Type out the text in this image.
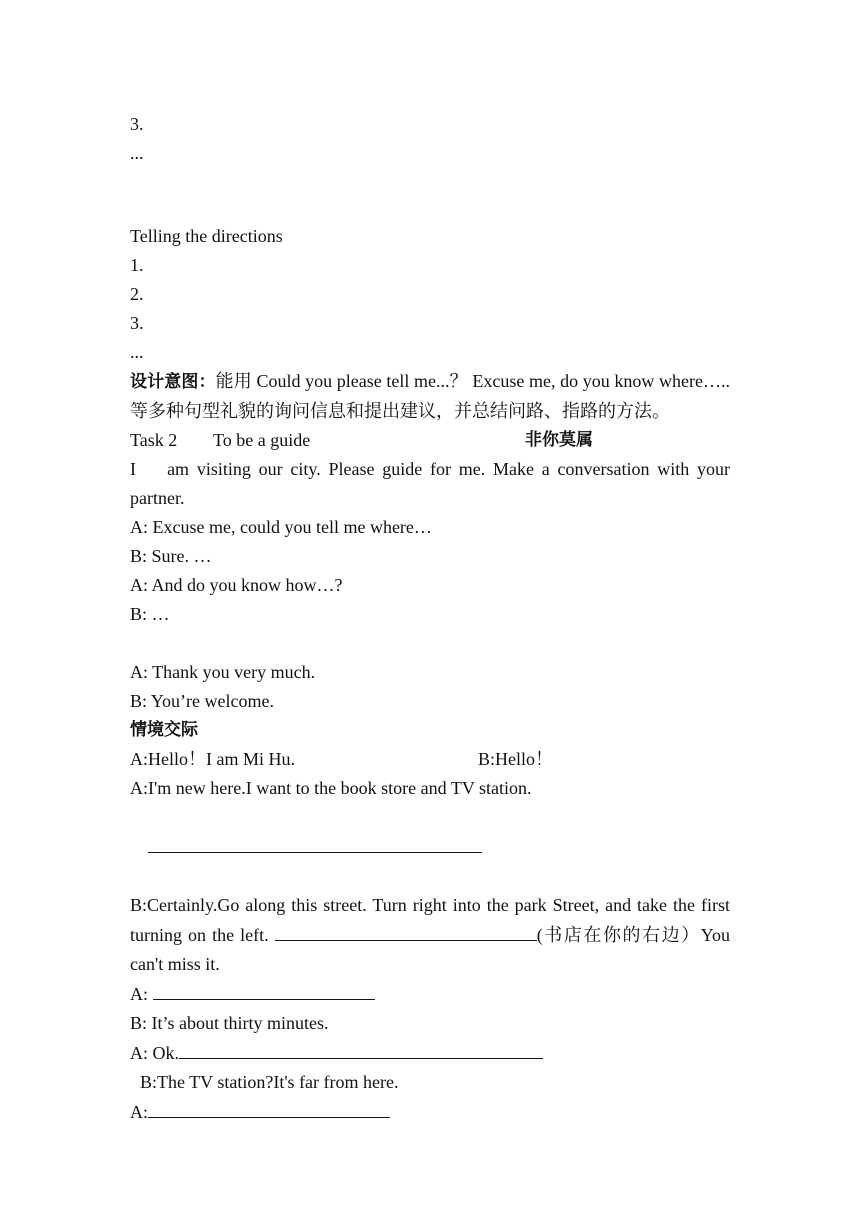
3.
...
Telling the directions
1.
2.
3.
...
设计意图：能用 Could you please tell me...？ Excuse me, do you know where…..等多种句型礼貌的询问信息和提出建议，并总结问路、指路的方法。
Task 2 To be a guide	非你莫属
I    am visiting our city. Please guide for me. Make a conversation with your partner.
A: Excuse me, could you tell me where…
B: Sure. …
A: And do you know how…?
B: …
A: Thank you very much.
B: You’re welcome.
情境交际
A:Hello！I am Mi Hu.	B:Hello！
A:I'm new here.I want to the book store and TV station.

B:Certainly.Go along this street. Turn right into the park Street, and take the first turning on the left.	(书店在你的右边）You can't miss it.
A:
B: It’s about thirty minutes.
A: Ok.
B:The TV station?It's far from here.
A:
